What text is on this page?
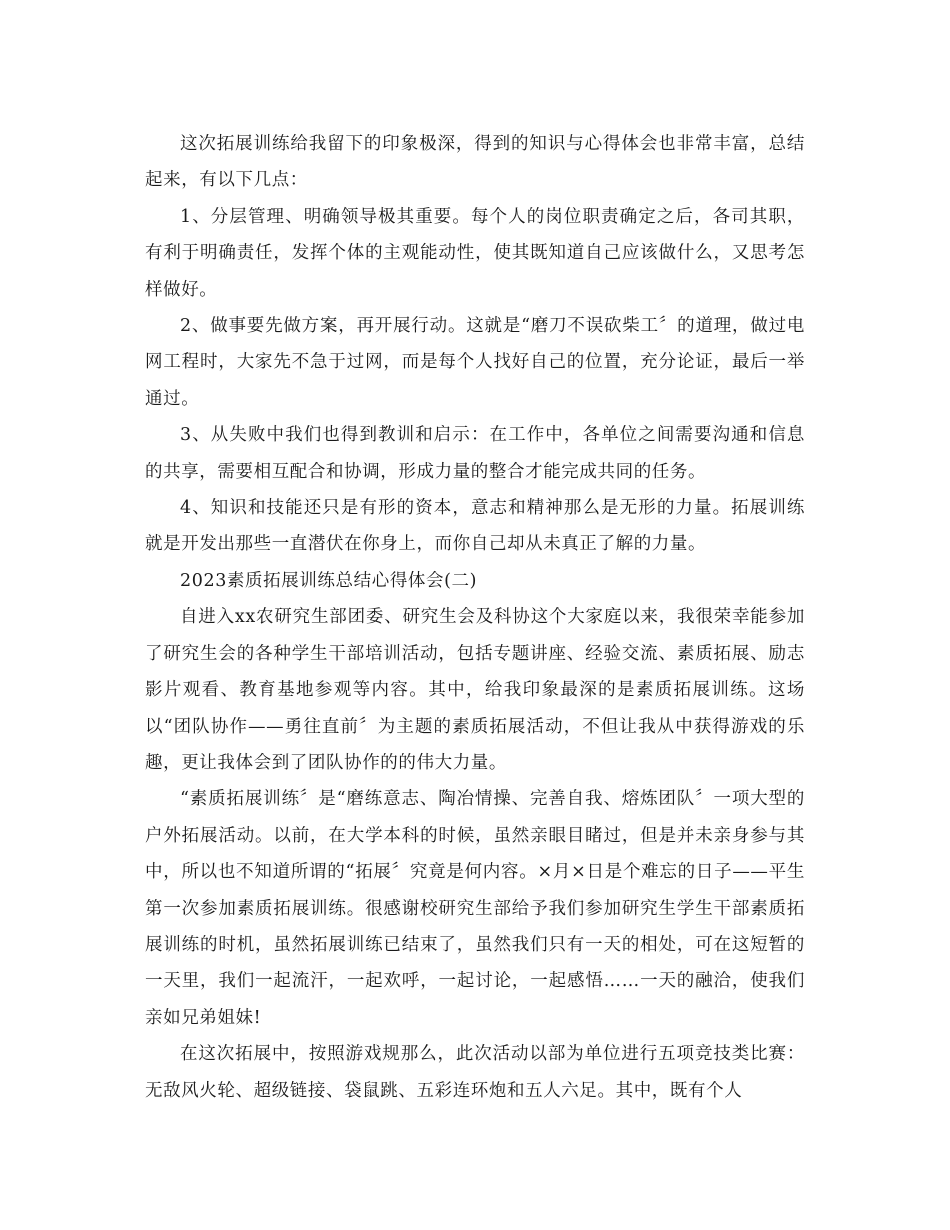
这次拓展训练给我留下的印象极深，得到的知识与心得体会也非常丰富，总结起来，有以下几点：

1、分层管理、明确领导极其重要。每个人的岗位职责确定之后，各司其职，有利于明确责任，发挥个体的主观能动性，使其既知道自己应该做什么，又思考怎样做好。

2、做事要先做方案，再开展行动。这就是“磨刀不误砍柴工〞的道理，做过电网工程时，大家先不急于过网，而是每个人找好自己的位置，充分论证，最后一举通过。

3、从失败中我们也得到教训和启示：在工作中，各单位之间需要沟通和信息的共享，需要相互配合和协调，形成力量的整合才能完成共同的任务。

4、知识和技能还只是有形的资本，意志和精神那么是无形的力量。拓展训练就是开发出那些一直潜伏在你身上，而你自己却从未真正了解的力量。

2023素质拓展训练总结心得体会(二)

自进入xx农研究生部团委、研究生会及科协这个大家庭以来，我很荣幸能参加了研究生会的各种学生干部培训活动，包括专题讲座、经验交流、素质拓展、励志影片观看、教育基地参观等内容。其中，给我印象最深的是素质拓展训练。这场以“团队协作——勇往直前〞为主题的素质拓展活动，不但让我从中获得游戏的乐趣，更让我体会到了团队协作的的伟大力量。

“素质拓展训练〞是“磨练意志、陶冶情操、完善自我、熔炼团队〞一项大型的户外拓展活动。以前，在大学本科的时候，虽然亲眼目睹过，但是并未亲身参与其中，所以也不知道所谓的“拓展〞究竟是何内容。×月×日是个难忘的日子——平生第一次参加素质拓展训练。很感谢校研究生部给予我们参加研究生学生干部素质拓展训练的时机，虽然拓展训练已结束了，虽然我们只有一天的相处，可在这短暂的一天里，我们一起流汗，一起欢呼，一起讨论，一起感悟……一天的融洽，使我们亲如兄弟姐妹!

在这次拓展中，按照游戏规那么，此次活动以部为单位进行五项竞技类比赛：无敌风火轮、超级链接、袋鼠跳、五彩连环炮和五人六足。其中，既有个人
